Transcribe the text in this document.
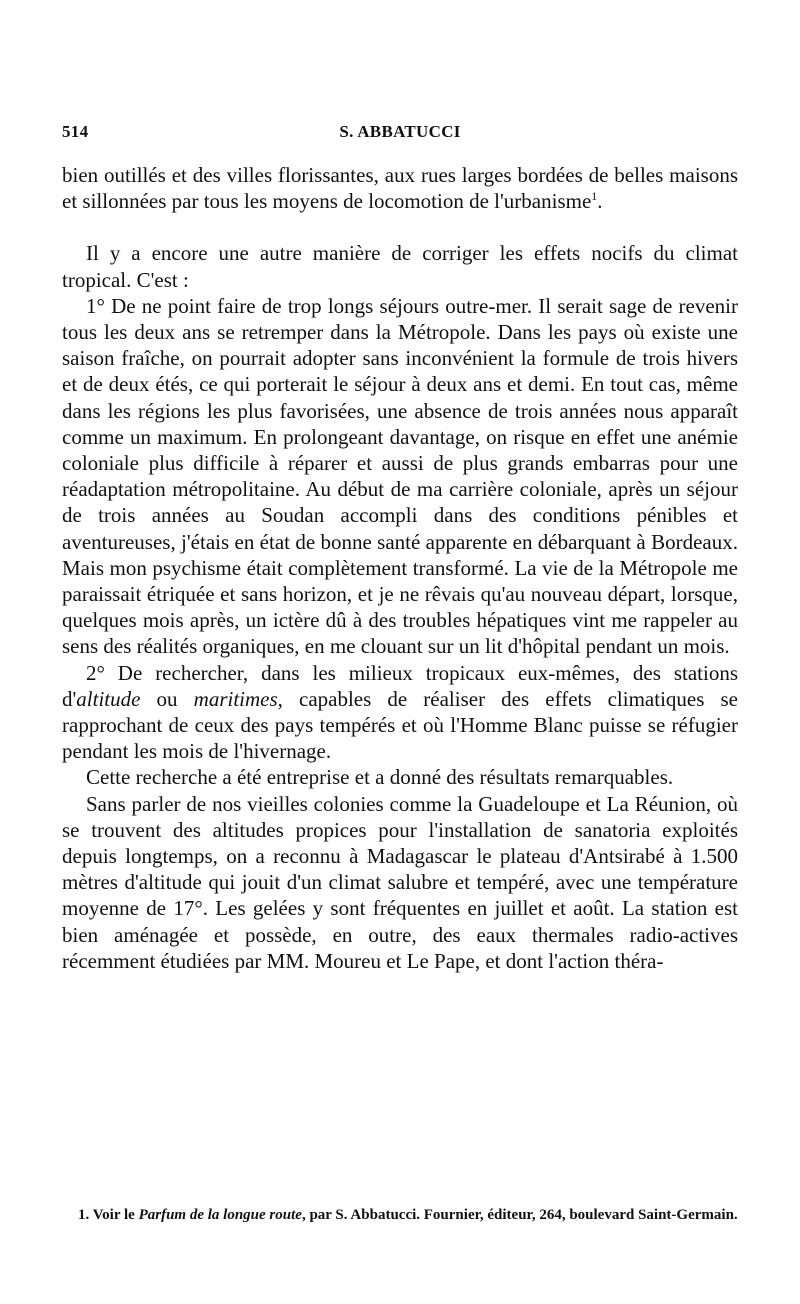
514	S. ABBATUCCI

bien outillés et des villes florissantes, aux rues larges bordées de belles maisons et sillonnées par tous les moyens de locomotion de l'urbanisme$^1$.

Il y a encore une autre manière de corriger les effets nocifs du climat tropical. C'est :

1° De ne point faire de trop longs séjours outre-mer. Il serait sage de revenir tous les deux ans se retremper dans la Métropole. Dans les pays où existe une saison fraîche, on pourrait adopter sans inconvénient la formule de trois hivers et de deux étés, ce qui porterait le séjour à deux ans et demi. En tout cas, même dans les régions les plus favorisées, une absence de trois années nous apparaît comme un maximum. En prolongeant davantage, on risque en effet une anémie coloniale plus difficile à réparer et aussi de plus grands embarras pour une réadaptation métropolitaine. Au début de ma carrière coloniale, après un séjour de trois années au Soudan accompli dans des conditions pénibles et aventureuses, j'étais en état de bonne santé apparente en débarquant à Bordeaux. Mais mon psychisme était complètement transformé. La vie de la Métropole me paraissait étriquée et sans horizon, et je ne rêvais qu'au nouveau départ, lorsque, quelques mois après, un ictère dû à des troubles hépatiques vint me rappeler au sens des réalités organiques, en me clouant sur un lit d'hôpital pendant un mois.

2° De rechercher, dans les milieux tropicaux eux-mêmes, des stations d'altitude ou maritimes, capables de réaliser des effets climatiques se rapprochant de ceux des pays tempérés et où l'Homme Blanc puisse se réfugier pendant les mois de l'hivernage.

Cette recherche a été entreprise et a donné des résultats remarquables.

Sans parler de nos vieilles colonies comme la Guadeloupe et La Réunion, où se trouvent des altitudes propices pour l'installation de sanatoria exploités depuis longtemps, on a reconnu à Madagascar le plateau d'Antsirabé à 1.500 mètres d'altitude qui jouit d'un climat salubre et tempéré, avec une température moyenne de 17°. Les gelées y sont fréquentes en juillet et août. La station est bien aménagée et possède, en outre, des eaux thermales radio-actives récemment étudiées par MM. Moureu et Le Pape, et dont l'action théra-

1. Voir le Parfum de la longue route, par S. Abbatucci. Fournier, éditeur, 264, boulevard Saint-Germain.
